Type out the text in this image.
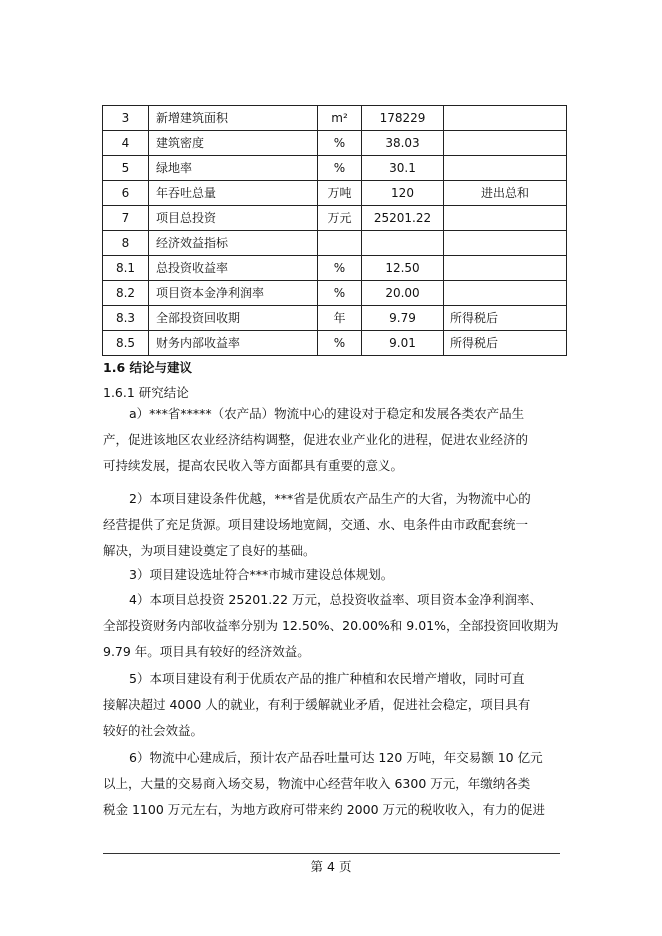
3	新增建筑面积	m²	178229	
4	建筑密度	%	38.03	
5	绿地率	%	30.1	
6	年吞吐总量	万吨	120	进出总和
7	项目总投资	万元	25201.22	
8	经济效益指标			
8.1	总投资收益率	%	12.50	
8.2	项目资本金净利润率	%	20.00	
8.3	全部投资回收期	年	9.79	所得税后
8.5	财务内部收益率	%	9.01	所得税后
1.6 结论与建议
1.6.1 研究结论
a）***省*****（农产品）物流中心的建设对于稳定和发展各类农产品生
产，促进该地区农业经济结构调整，促进农业产业化的进程，促进农业经济的
可持续发展，提高农民收入等方面都具有重要的意义。
2）本项目建设条件优越，***省是优质农产品生产的大省，为物流中心的
经营提供了充足货源。项目建设场地宽阔，交通、水、电条件由市政配套统一
解决，为项目建设奠定了良好的基础。
3）项目建设选址符合***市城市建设总体规划。
4）本项目总投资 25201.22 万元，总投资收益率、项目资本金净利润率、
全部投资财务内部收益率分别为 12.50%、20.00%和 9.01%，全部投资回收期为
9.79 年。项目具有较好的经济效益。
5）本项目建设有利于优质农产品的推广种植和农民增产增收，同时可直
接解决超过 4000 人的就业，有利于缓解就业矛盾，促进社会稳定，项目具有
较好的社会效益。
6）物流中心建成后，预计农产品吞吐量可达 120 万吨，年交易额 10 亿元
以上，大量的交易商入场交易，物流中心经营年收入 6300 万元，年缴纳各类
税金 1100 万元左右，为地方政府可带来约 2000 万元的税收收入，有力的促进
第 4 页
